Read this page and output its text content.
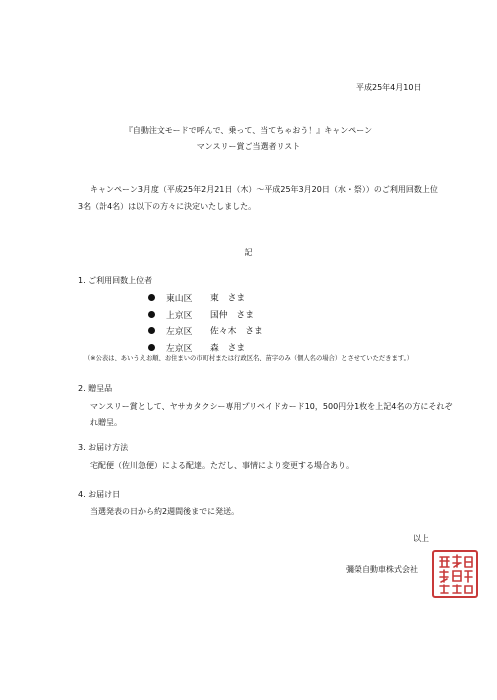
平成25年4月10日
『自動注文モードで呼んで、乗って、当てちゃおう！』キャンペーン
マンスリー賞ご当選者リスト
キャンペーン3月度（平成25年2月21日（木）～平成25年3月20日（水・祭））のご利用回数上位
3名（計4名）は以下の方々に決定いたしました。
記
1. ご利用回数上位者
東山区 東　さま
上京区 国仲　さま
左京区 佐々木　さま
左京区 森　さま
（※公表は、あいうえお順、お住まいの市町村または行政区名、苗字のみ（個人名の場合）とさせていただきます。）
2. 贈呈品
マンスリー賞として、ヤサカタクシー専用プリペイドカード10，500円分1枚を上記4名の方にそれぞ
れ贈呈。
3. お届け方法
宅配便（佐川急便）による配達。ただし、事情により変更する場合あり。
4. お届け日
当選発表の日から約2週間後までに発送。
以上
彌榮自動車株式会社
